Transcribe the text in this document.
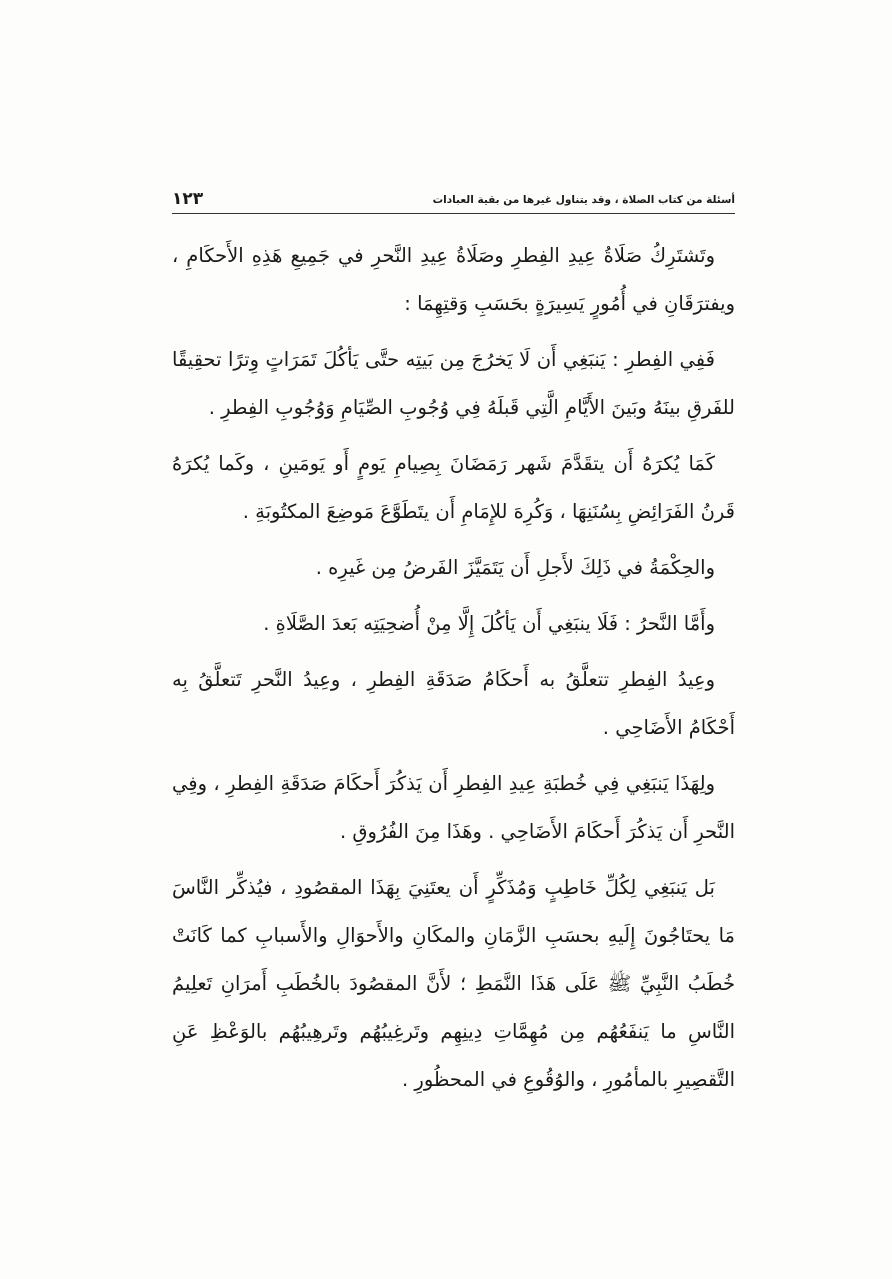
أسئلة من كتاب الصلاة ، وقد يتناول غيرها من بقية العبادات
١٢٣

وتَشتَرِكُ صَلَاةُ عِيدِ الفِطرِ وصَلَاةُ عِيدِ النَّحرِ في جَمِيعِ هَذِهِ الأَحكَامِ ، ويفترَقَانِ في أُمُورٍ يَسِيرَةٍ بحَسَبِ وَقتِهِمَا :

فَفِي الفِطرِ : يَنبَغِي أَن لَا يَخرُجَ مِن بَيتِه حتَّى يَأكُلَ تَمَرَاتٍ وِترًا تحقِيقًا للفَرقِ بينَهُ وبَينَ الأَيَّامِ الَّتِي قَبلَهُ فِي وُجُوبِ الصِّيَامِ وَوُجُوبِ الفِطرِ .

كَمَا يُكرَهُ أَن يتقَدَّمَ شَهر رَمَضَانَ بِصِيامِ يَومٍ أَو يَومَينِ ، وكَما يُكرَهُ قَرنُ الفَرَائِضِ بِسُنَنِهَا ، وَكُرِهَ للإِمَامِ أَن يتَطَوَّعَ مَوضِعَ المكتُوبَةِ .

والحِكْمَةُ في ذَلِكَ لأَجلِ أَن يَتَمَيَّزَ الفَرضُ مِن غَيرِه .

وأَمَّا النَّحرُ : فَلَا ينبَغِي أَن يَأكُلَ إِلَّا مِنْ أُضحِيَتِه بَعدَ الصَّلَاةِ .

وعِيدُ الفِطرِ تتعلَّقُ به أَحكَامُ صَدَقَةِ الفِطرِ ، وعِيدُ النَّحرِ تَتعلَّقُ بِه أَحْكَامُ الأَضَاحِي .

ولِهَذَا يَنبَغِي فِي خُطبَةِ عِيدِ الفِطرِ أَن يَذكُرَ أَحكَامَ صَدَقَةِ الفِطرِ ، وفِي النَّحرِ أَن يَذكُرَ أَحكَامَ الأَضَاحِي . وهَذَا مِنَ الفُرُوقِ .

بَل يَنبَغِي لِكُلِّ خَاطِبٍ وَمُذَكِّرٍ أَن يعتَنِيَ بِهَذَا المقصُودِ ، فيُذكِّر النَّاسَ مَا يحتَاجُونَ إِلَيهِ بحسَبِ الزَّمَانِ والمكَانِ والأَحوَالِ والأَسبابِ كما كَانَتْ خُطَبُ النَّبِيِّ ﷺ عَلَى هَذَا النَّمَطِ ؛ لأَنَّ المقصُودَ بالخُطَبِ أَمرَانِ تَعلِيمُ النَّاسِ ما يَنفَعُهُم مِن مُهِمَّاتِ دِينِهِم وتَرغِيبُهُم وتَرهِيبُهُم بالوَعْظِ عَنِ التَّقصِيرِ بالمأمُورِ ، والوُقُوعِ في المحظُورِ .
